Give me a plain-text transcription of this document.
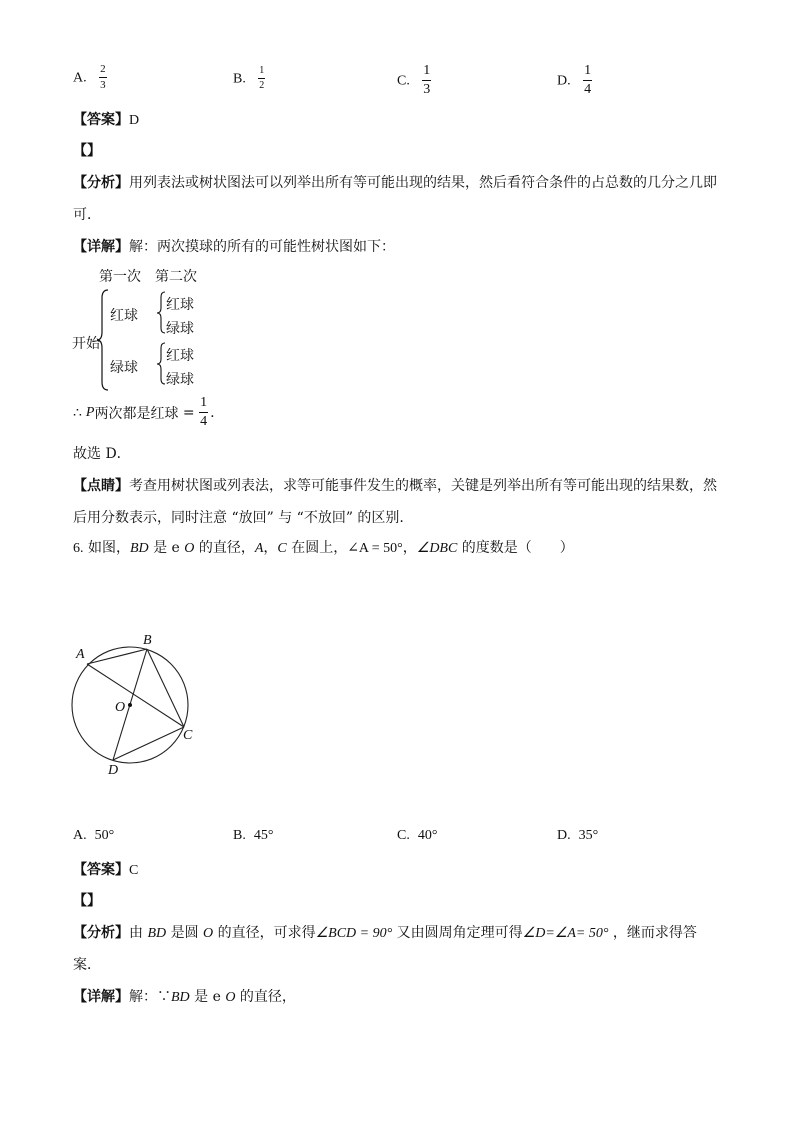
A. $\frac{2}{3}$	B. $\frac{1}{2}$	C. $\frac{1}{3}$	D. $\frac{1}{4}$
【答案】D
【】
【分析】用列表法或树状图法可以列举出所有等可能出现的结果，然后看符合条件的占总数的几分之几即
可．
【详解】解：两次摸球的所有的可能性树状图如下：
第一次 第二次
开始
红球
绿球
红球
绿球
红球
绿球
∴ P 两次都是红球 = $\frac{1}{4}$ .
故选 D．
【点睛】考查用树状图或列表法，求等可能事件发生的概率，关键是列举出所有等可能出现的结果数，然
后用分数表示，同时注意 “放回” 与 “不放回” 的区别.
6. 如图，BD 是 e O 的直径，A，C 在圆上，∠A = 50°，∠DBC 的度数是（　　）
A
B
C
D
O
A. 50°	B. 45°	C. 40°	D. 35°
【答案】C
【】
【分析】由 BD 是圆 O 的直径，可求得∠BCD = 90° 又由圆周角定理可得∠D=∠A= 50° ，继而求得答
案．
【详解】解：∵BD 是 e O 的直径，
